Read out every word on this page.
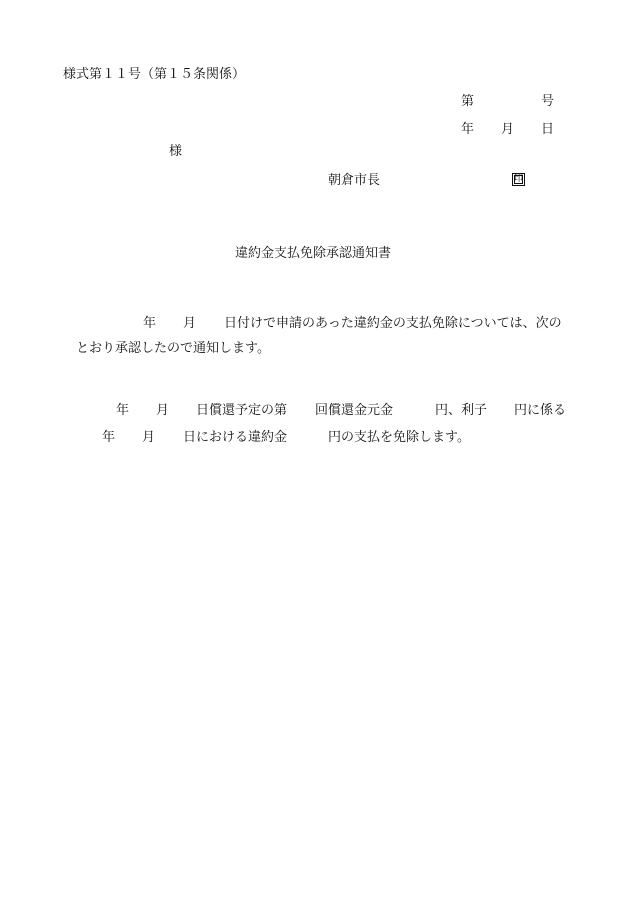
様式第１１号（第１５条関係）
第	号
年 月 日
様
朝倉市長	印
違約金支払免除承認通知書
年 月 日付けで申請のあった違約金の支払免除については、次の
とおり承認したので通知します。
年 月 日償還予定の第 回償還金元金	円、利子 円に係る
年 月 日における違約金	円の支払を免除します。
